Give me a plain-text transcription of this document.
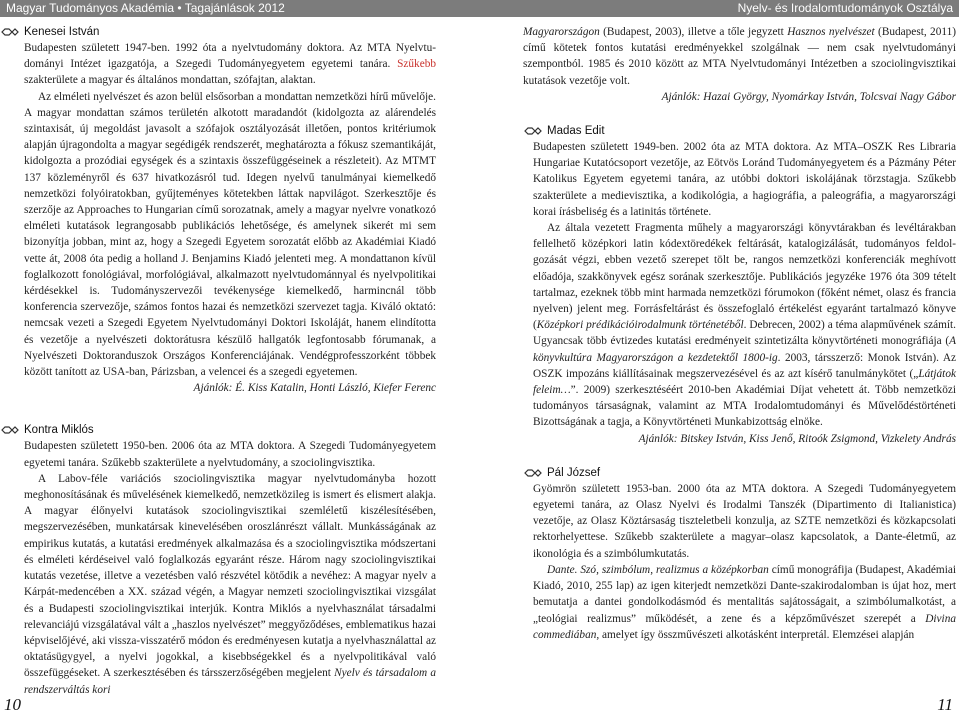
Magyar Tudományos Akadémia • Tagajánlások 2012	Nyelv- és Irodalomtudományok Osztálya
Kenesei István

Budapesten született 1947-ben. 1992 óta a nyelvtudomány doktora. Az MTA Nyelvtudományi Intézet igazgatója, a Szegedi Tudományegyetem egyetemi tanára. Szűkebb szakterülete a magyar és általános mondattan, szófajtan, alaktan.

Az elméleti nyelvészet és azon belül elsősorban a mondattan nemzetközi hírű művelője. A magyar mondattan számos területén alkotott maradandót (kidolgozta az alárendelés szintaxisát, új megoldást javasolt a szófajok osztályozását illetően, pontos kritériumok alapján újragondolta a magyar segédigék rendszerét, meghatározta a fókusz szemantikáját, kidolgozta a prozódiai egységek és a szintaxis összefüggéseinek a részleteit). Az MTMT 137 közleményről és 637 hivatkozásról tud. Idegen nyelvű tanulmányai kiemelkedő nemzetközi folyóiratokban, gyűjteményes kötetekben láttak napvilágot. Szerkesztője és szerzője az Approaches to Hungarian című sorozatnak, amely a magyar nyelvre vonatkozó elméleti kutatások legrangosabb publikációs lehetősége, és amelynek sikerét mi sem bizonyítja jobban, mint az, hogy a Szegedi Egyetem sorozatát előbb az Akadémiai Kiadó vette át, 2008 óta pedig a holland J. Benjamins Kiadó jelenteti meg. A mondattanon kívül foglalkozott fonológiával, morfológiával, alkalmazott nyelvtudománnyal és nyelvpolitikai kérdésekkel is. Tudományszervezői tevékenysége kiemelkedő, harmincnál több konferencia szervezője, számos fontos hazai és nemzetközi szervezet tagja. Kiváló oktató: nemcsak vezeti a Szegedi Egyetem Nyelvtudományi Doktori Iskoláját, hanem elindította és vezetője a nyelvészeti doktorátusra készülő hallgatók legfontosabb fórumanak, a Nyelvészeti Doktoranduszok Országos Konferenciájának. Vendégprofesszorként többek között tanított az USA-ban, Párizsban, a velencei és a szegedi egyetemen.

Ajánlók: É. Kiss Katalin, Honti László, Kiefer Ferenc

Kontra Miklós

Budapesten született 1950-ben. 2006 óta az MTA doktora. A Szegedi Tudományegyetem egyetemi tanára. Szűkebb szakterülete a nyelvtudomány, a szociolingvisztika.

A Labov-féle variációs szociolingvisztika magyar nyelvtudományba hozott meghonosításának és művelésének kiemelkedő, nemzetközileg is ismert és elismert alakja. A magyar élőnyelvi kutatások szociolingvisztikai szemléletű kiszélesítésében, megszervezésében, munkatársak kinevelésében oroszlánrészt vállalt. Munkásságának az empirikus kutatás, a kutatási eredmények alkalmazása és a szociolingvisztika módszertani és elméleti kérdéseivel való foglalkozás egyaránt része. Három nagy szociolingvisztikai kutatás vezetése, illetve a vezetésben való részvétel kötődik a nevéhez: A magyar nyelv a Kárpát-medencében a XX. század végén, a Magyar nemzeti szociolingvisztikai vizsgálat és a Budapesti szociolingvisztikai interjúk. Kontra Miklós a nyelvhasználat társadalmi relevanciájú vizsgálatával vált a „haszlos nyelvészet” meggyőződéses, emblematikus hazai képviselőjévé, aki vissza-visszatérő módon és eredményesen kutatja a nyelvhasználattal az oktatásügygyel, a nyelvi jogokkal, a kisebbségekkel és a nyelvpolitikával való összefüggéseket. A szerkesztésében és társszerzőségében megjelent Nyelv és társadalom a rendszerváltás kori

Magyarországon (Budapest, 2003), illetve a tőle jegyzett Hasznos nyelvészet (Budapest, 2011) című kötetek fontos kutatási eredményekkel szolgálnak — nem csak nyelvtudományi szempontból. 1985 és 2010 között az MTA Nyelvtudományi Intézetben a szociolingvisztikai kutatások vezetője volt.

Ajánlók: Hazai György, Nyomárkay István, Tolcsvai Nagy Gábor

Madas Edit

Budapesten született 1949-ben. 2002 óta az MTA doktora. Az MTA–OSZK Res Libraria Hungariae Kutatócsoport vezetője, az Eötvös Loránd Tudományegyetem és a Pázmány Péter Katolikus Egyetem egyetemi tanára, az utóbbi doktori iskolájának törzstagja. Szűkebb szakterülete a medievisztika, a kodikológia, a hagiográfia, a paleográfia, a magyarországi korai írásbeliség és a latinitás története.

Az általa vezetett Fragmenta műhely a magyarországi könyvtárakban és levéltárakban fellelhető középkori latin kódextöredékek feltárását, katalogizálását, tudományos feldolgozását végzi, ebben vezető szerepet tölt be, rangos nemzetközi konferenciák meghívott előadója, szakkönyvek egész sorának szerkesztője. Publikációs jegyzéke 1976 óta 309 tételt tartalmaz, ezeknek több mint harmada nemzetközi fórumokon (főként német, olasz és francia nyelven) jelent meg. Forrásfeltárást és összefoglaló értékelést egyaránt tartalmazó könyve (Középkori prédikációirodalmunk történetéből. Debrecen, 2002) a téma alapművének számít. Ugyancsak több évtizedes kutatási eredményeit szintetizálta könyvtörténeti monográfiája (A könyvkultúra Magyarországon a kezdetektől 1800-ig. 2003, társszerző: Monok István). Az OSZK impozáns kiállításainak megszervezésével és az azt kísérő tanulmánykötet („Látjátok feleim…”. 2009) szerkesztéséért 2010-ben Akadémiai Díjat vehetett át. Több nemzetközi tudományos társaságnak, valamint az MTA Irodalomtudományi és Művelődéstörténeti Bizottságának a tagja, a Könyvtörténeti Munkabizottság elnöke.

Ajánlók: Bitskey István, Kiss Jenő, Ritoók Zsigmond, Vizkelety András

Pál József

Gyömrön született 1953-ban. 2000 óta az MTA doktora. A Szegedi Tudományegyetem egyetemi tanára, az Olasz Nyelvi és Irodalmi Tanszék (Dipartimento di Italianistica) vezetője, az Olasz Köztársaság tiszteletbeli konzulja, az SZTE nemzetközi és közkapcsolati rektorhelyettese. Szűkebb szakterülete a magyar–olasz kapcsolatok, a Dante-életmű, az ikonológia és a szimbólumkutatás.

Dante. Szó, szimbólum, realizmus a középkorban című monográfija (Budapest, Akadémiai Kiadó, 2010, 255 lap) az igen kiterjedt nemzetközi Dante-szakirodalomban is újat hoz, mert bemutatja a dantei gondolkodásmód és mentalitás sajátosságait, a szimbólumalkotást, a „teológiai realizmus” működését, a zene és a képzőművészet szerepét a Divina commediában, amelyet így összművészeti alkotásként interpretál. Elemzései alapján

10	11
